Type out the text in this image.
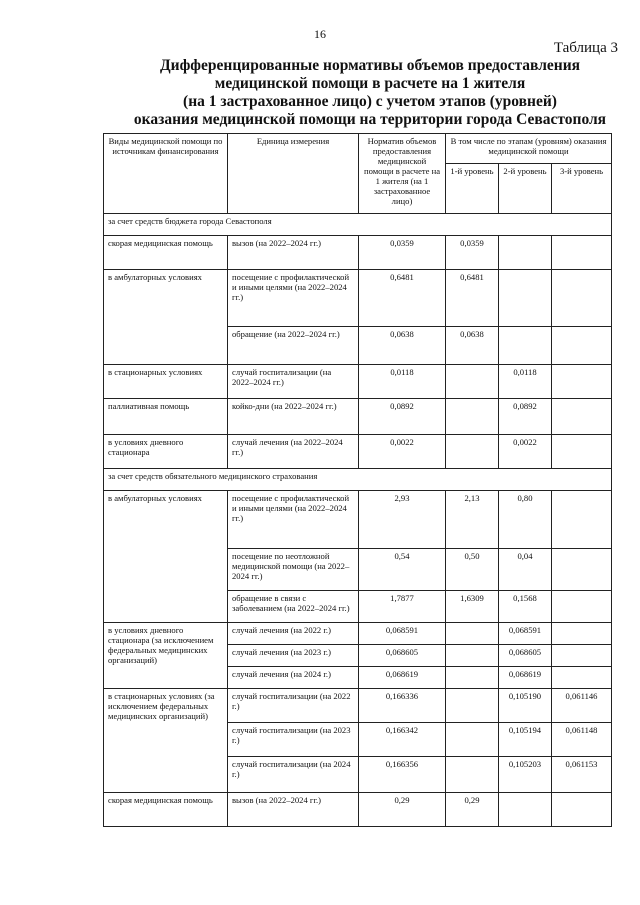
16
Таблица 3
Дифференцированные нормативы объемов предоставления
медицинской помощи в расчете на 1 жителя
(на 1 застрахованное лицо) с учетом этапов (уровней)
оказания медицинской помощи на территории города Севастополя
Виды медицинской помощи по источникам финансирования	Единица измерения	Норматив объемов предоставления медицинской помощи в расчете на 1 жителя (на 1 застрахованное лицо)	В том числе по этапам (уровням) оказания медицинской помощи		
			1-й уровень	2-й уровень	3-й уровень
за счет средств бюджета города Севастополя					
скорая медицинская помощь	вызов (на 2022–2024 гг.)	0,0359	0,0359		
в амбулаторных условиях	посещение с профилактической и иными целями (на 2022–2024 гг.)	0,6481	0,6481		
	обращение (на 2022–2024 гг.)	0,0638	0,0638		
в стационарных условиях	случай госпитализации (на 2022–2024 гг.)	0,0118		0,0118	
паллиативная помощь	койко-дни (на 2022–2024 гг.)	0,0892		0,0892	
в условиях дневного стационара	случай лечения (на 2022–2024 гг.)	0,0022		0,0022	
за счет средств обязательного медицинского страхования					
в амбулаторных условиях	посещение с профилактической и иными целями (на 2022–2024 гг.)	2,93	2,13	0,80	
	посещение по неотложной медицинской помощи (на 2022–2024 гг.)	0,54	0,50	0,04	
	обращение в связи с заболеванием (на 2022–2024 гг.)	1,7877	1,6309	0,1568	
в условиях дневного стационара (за исключением федеральных медицинских организаций)	случай лечения (на 2022 г.)	0,068591		0,068591	
	случай лечения (на 2023 г.)	0,068605		0,068605	
	случай лечения (на 2024 г.)	0,068619		0,068619	
в стационарных условиях (за исключением федеральных медицинских организаций)	случай госпитализации (на 2022 г.)	0,166336		0,105190	0,061146
	случай госпитализации (на 2023 г.)	0,166342		0,105194	0,061148
	случай госпитализации (на 2024 г.)	0,166356		0,105203	0,061153
скорая медицинская помощь	вызов (на 2022–2024 гг.)	0,29	0,29		
